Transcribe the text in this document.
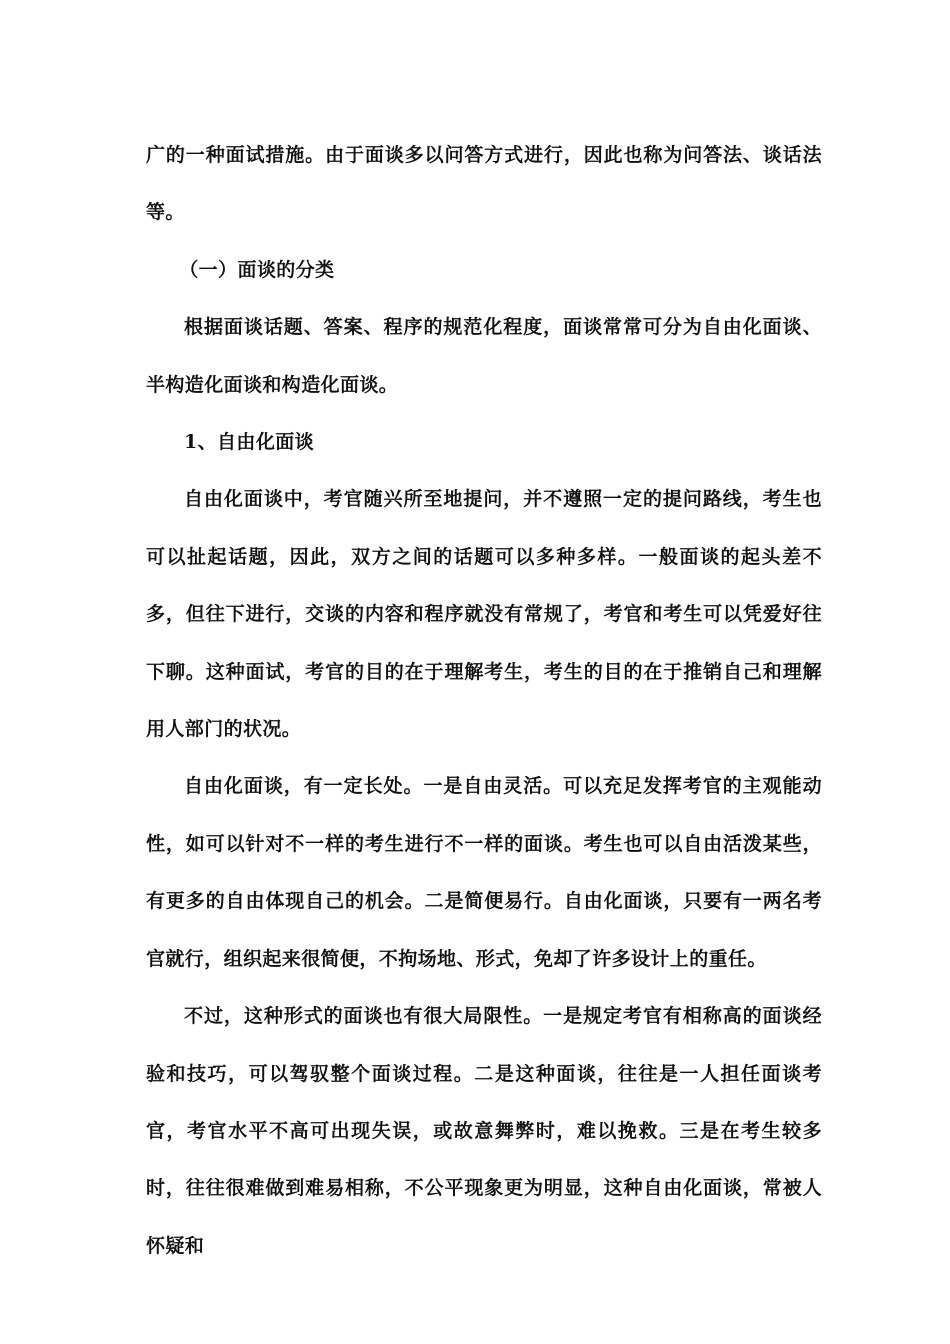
广的一种面试措施。由于面谈多以问答方式进行，因此也称为问答法、谈话法等。

（一）面谈的分类

根据面谈话题、答案、程序的规范化程度，面谈常常可分为自由化面谈、半构造化面谈和构造化面谈。

1、自由化面谈

自由化面谈中，考官随兴所至地提问，并不遵照一定的提问路线，考生也可以扯起话题，因此，双方之间的话题可以多种多样。一般面谈的起头差不多，但往下进行，交谈的内容和程序就没有常规了，考官和考生可以凭爱好往下聊。这种面试，考官的目的在于理解考生，考生的目的在于推销自己和理解用人部门的状况。

自由化面谈，有一定长处。一是自由灵活。可以充足发挥考官的主观能动性，如可以针对不一样的考生进行不一样的面谈。考生也可以自由活泼某些，有更多的自由体现自己的机会。二是简便易行。自由化面谈，只要有一两名考官就行，组织起来很简便，不拘场地、形式，免却了许多设计上的重任。

不过，这种形式的面谈也有很大局限性。一是规定考官有相称高的面谈经验和技巧，可以驾驭整个面谈过程。二是这种面谈，往往是一人担任面谈考官，考官水平不高可出现失误，或故意舞弊时，难以挽救。三是在考生较多时，往往很难做到难易相称，不公平现象更为明显，这种自由化面谈，常被人怀疑和
